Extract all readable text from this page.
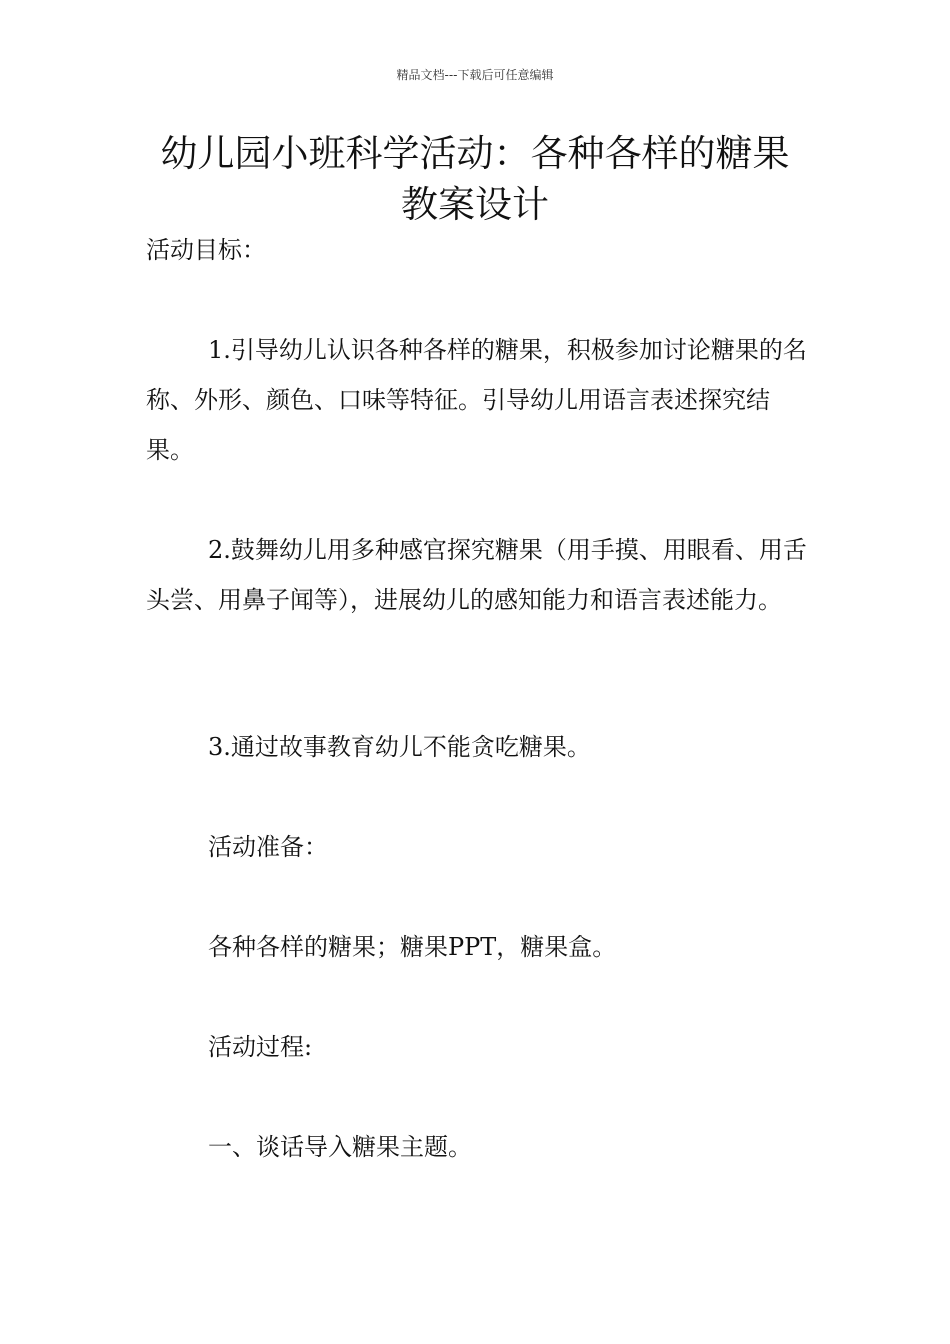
精品文档---下载后可任意编辑
幼儿园小班科学活动：各种各样的糖果
教案设计

活动目标：

1.引导幼儿认识各种各样的糖果，积极参加讨论糖果的名称、外形、颜色、口味等特征。引导幼儿用语言表述探究结果。

2.鼓舞幼儿用多种感官探究糖果（用手摸、用眼看、用舌头尝、用鼻子闻等），进展幼儿的感知能力和语言表述能力。

3.通过故事教育幼儿不能贪吃糖果。

活动准备：

各种各样的糖果；糖果PPT，糖果盒。

活动过程:

一、谈话导入糖果主题。
